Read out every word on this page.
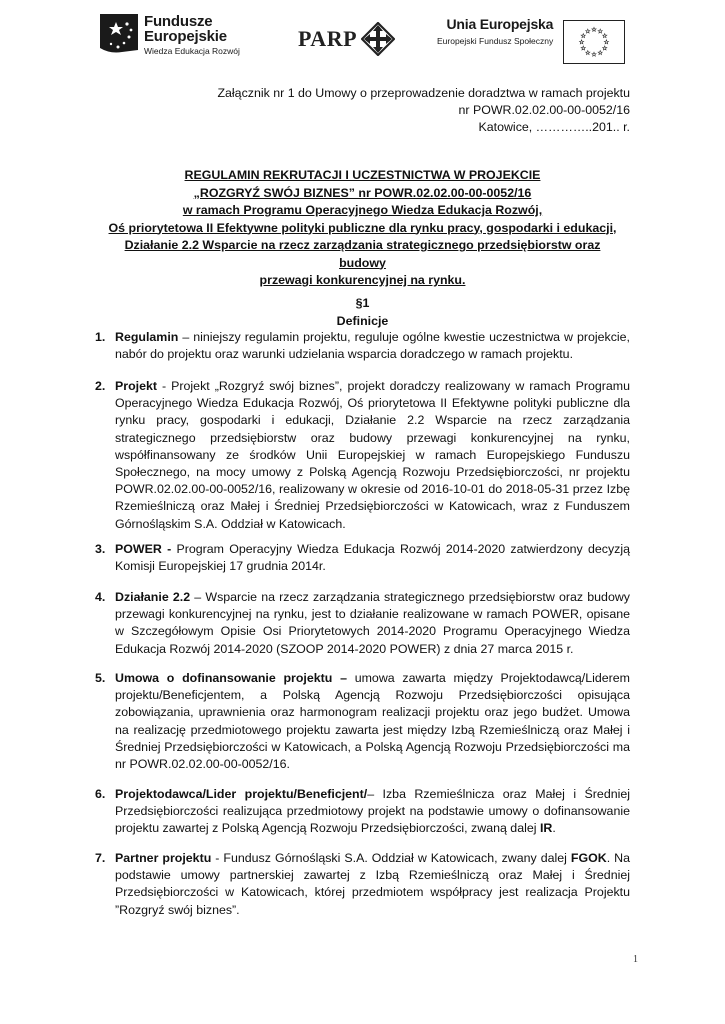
Fundusze
Europejskie
Wiedza Edukacja Rozwój	PARP
Unia Europejska
Europejski Fundusz Społeczny
Załącznik nr 1 do Umowy o przeprowadzenie doradztwa w ramach projektu
nr POWR.02.02.00-00-0052/16
Katowice, …………..201.. r.
REGULAMIN REKRUTACJI I UCZESTNICTWA W PROJEKCIE
„ROZGRYŹ SWÓJ BIZNES” nr POWR.02.02.00-00-0052/16
w ramach Programu Operacyjnego Wiedza Edukacja Rozwój,
Oś priorytetowa II Efektywne polityki publiczne dla rynku pracy, gospodarki i edukacji,
Działanie 2.2 Wsparcie na rzecz zarządzania strategicznego przedsiębiorstw oraz budowy
przewagi konkurencyjnej na rynku.
§1
Definicje
1. Regulamin – niniejszy regulamin projektu, reguluje ogólne kwestie uczestnictwa w projekcie, nabór do projektu oraz warunki udzielania wsparcia doradczego w ramach projektu.
2. Projekt - Projekt „Rozgryź swój biznes”, projekt doradczy realizowany w ramach Programu Operacyjnego Wiedza Edukacja Rozwój, Oś priorytetowa II Efektywne polityki publiczne dla rynku pracy, gospodarki i edukacji, Działanie 2.2 Wsparcie na rzecz zarządzania strategicznego przedsiębiorstw oraz budowy przewagi konkurencyjnej na rynku, współfinansowany ze środków Unii Europejskiej w ramach Europejskiego Funduszu Społecznego, na mocy umowy z Polską Agencją Rozwoju Przedsiębiorczości, nr projektu POWR.02.02.00-00-0052/16, realizowany w okresie od 2016-10-01 do 2018-05-31 przez Izbę Rzemieślniczą oraz Małej i Średniej Przedsiębiorczości w Katowicach, wraz z Funduszem Górnośląskim S.A. Oddział w Katowicach.
3. POWER - Program Operacyjny Wiedza Edukacja Rozwój 2014-2020 zatwierdzony decyzją Komisji Europejskiej 17 grudnia 2014r.
4. Działanie 2.2 – Wsparcie na rzecz zarządzania strategicznego przedsiębiorstw oraz budowy przewagi konkurencyjnej na rynku, jest to działanie realizowane w ramach POWER, opisane w Szczegółowym Opisie Osi Priorytetowych 2014-2020 Programu Operacyjnego Wiedza Edukacja Rozwój 2014-2020 (SZOOP 2014-2020 POWER) z dnia 27 marca 2015 r.
5. Umowa o dofinansowanie projektu – umowa zawarta między Projektodawcą/Liderem projektu/Beneficjentem, a Polską Agencją Rozwoju Przedsiębiorczości opisująca zobowiązania, uprawnienia oraz harmonogram realizacji projektu oraz jego budżet. Umowa na realizację przedmiotowego projektu zawarta jest między Izbą Rzemieślniczą oraz Małej i Średniej Przedsiębiorczości w Katowicach, a Polską Agencją Rozwoju Przedsiębiorczości ma nr POWR.02.02.00-00-0052/16.
6. Projektodawca/Lider projektu/Beneficjent/– Izba Rzemieślnicza oraz Małej i Średniej Przedsiębiorczości realizująca przedmiotowy projekt na podstawie umowy o dofinansowanie projektu zawartej z Polską Agencją Rozwoju Przedsiębiorczości, zwaną dalej IR.
7. Partner projektu - Fundusz Górnośląski S.A. Oddział w Katowicach, zwany dalej FGOK. Na podstawie umowy partnerskiej zawartej z Izbą Rzemieślniczą oraz Małej i Średniej Przedsiębiorczości w Katowicach, której przedmiotem współpracy jest realizacja Projektu ”Rozgryź swój biznes”.
1
